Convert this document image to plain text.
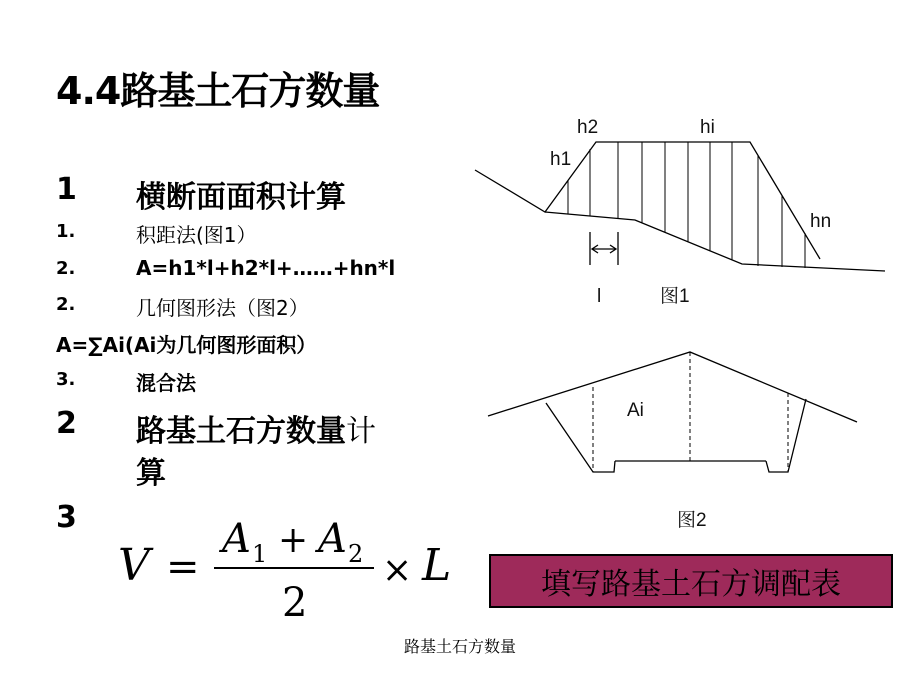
4.4路基土石方数量
1 横断面面积计算
1.	积距法(图1）
2.	A=h1*l+h2*l+……+hn*l
2.	几何图形法（图2）
A=∑Ai(Ai为几何图形面积）
3.	混合法
2 路基土石方数量计
算
3
V =
A 1 + A 2
2
× L
h1
h2	hi
hn
l	图1
Ai
图2
填写路基土石方调配表
路基土石方数量
